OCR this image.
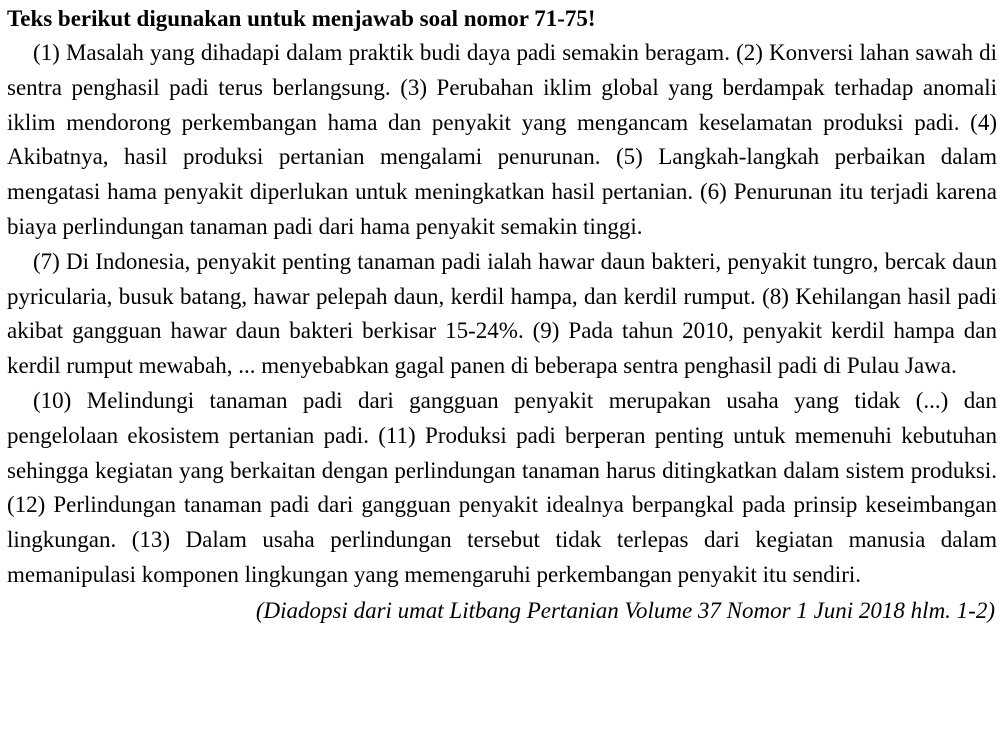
Teks berikut digunakan untuk menjawab soal nomor 71-75!

(1) Masalah yang dihadapi dalam praktik budi daya padi semakin beragam. (2) Konversi lahan sawah di sentra penghasil padi terus berlangsung. (3) Perubahan iklim global yang berdampak terhadap anomali iklim mendorong perkembangan hama dan penyakit yang mengancam keselamatan produksi padi. (4) Akibatnya, hasil produksi pertanian mengalami penurunan. (5) Langkah-langkah perbaikan dalam mengatasi hama penyakit diperlukan untuk meningkatkan hasil pertanian. (6) Penurunan itu terjadi karena biaya perlindungan tanaman padi dari hama penyakit semakin tinggi.

(7) Di Indonesia, penyakit penting tanaman padi ialah hawar daun bakteri, penyakit tungro, bercak daun pyricularia, busuk batang, hawar pelepah daun, kerdil hampa, dan kerdil rumput. (8) Kehilangan hasil padi akibat gangguan hawar daun bakteri berkisar 15-24%. (9) Pada tahun 2010, penyakit kerdil hampa dan kerdil rumput mewabah, ... menyebabkan gagal panen di beberapa sentra penghasil padi di Pulau Jawa.

(10) Melindungi tanaman padi dari gangguan penyakit merupakan usaha yang tidak (...) dan pengelolaan ekosistem pertanian padi. (11) Produksi padi berperan penting untuk memenuhi kebutuhan sehingga kegiatan yang berkaitan dengan perlindungan tanaman harus ditingkatkan dalam sistem produksi. (12) Perlindungan tanaman padi dari gangguan penyakit idealnya berpangkal pada prinsip keseimbangan lingkungan. (13) Dalam usaha perlindungan tersebut tidak terlepas dari kegiatan manusia dalam memanipulasi komponen lingkungan yang memengaruhi perkembangan penyakit itu sendiri.

(Diadopsi dari umat Litbang Pertanian Volume 37 Nomor 1 Juni 2018 hlm. 1-2)
